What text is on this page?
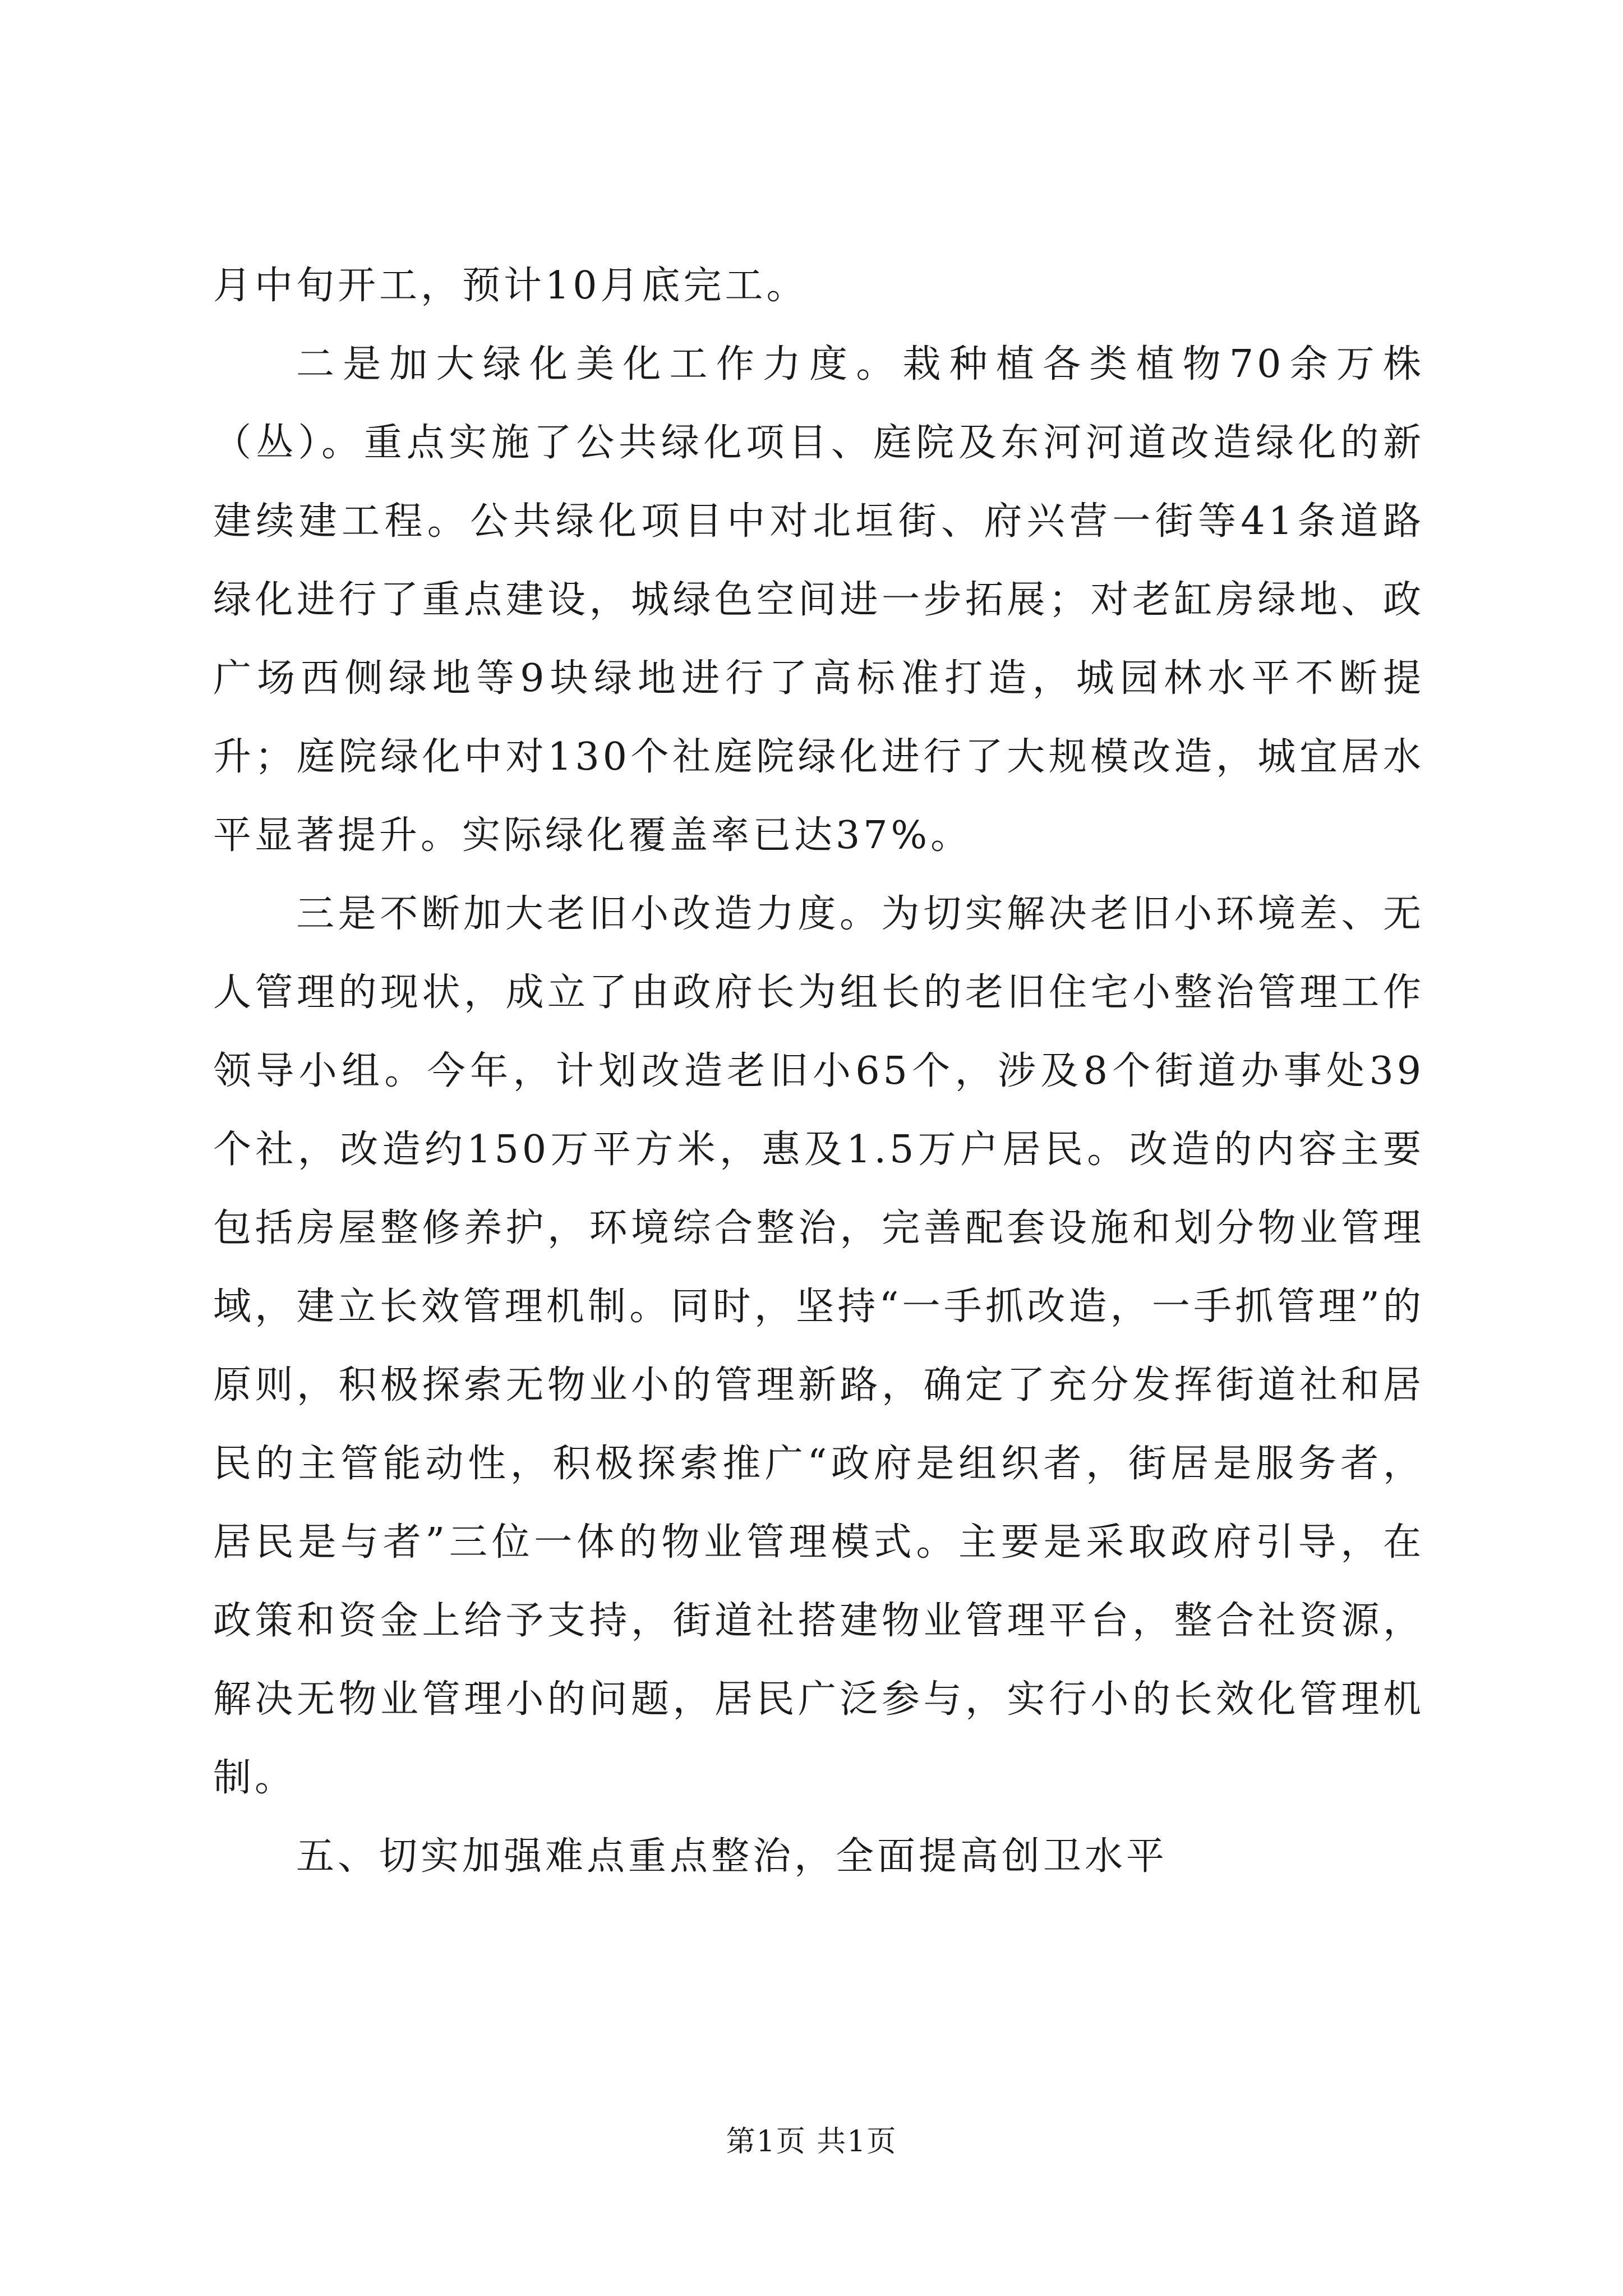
月中旬开工，预计10月底完工。

二是加大绿化美化工作力度。栽种植各类植物70余万株（丛）。重点实施了公共绿化项目、庭院及东河河道改造绿化的新建续建工程。公共绿化项目中对北垣街、府兴营一街等41条道路绿化进行了重点建设，城绿色空间进一步拓展；对老缸房绿地、政广场西侧绿地等9块绿地进行了高标准打造，城园林水平不断提升；庭院绿化中对130个社庭院绿化进行了大规模改造，城宜居水平显著提升。实际绿化覆盖率已达37%。

三是不断加大老旧小改造力度。为切实解决老旧小环境差、无人管理的现状，成立了由政府长为组长的老旧住宅小整治管理工作领导小组。今年，计划改造老旧小65个，涉及8个街道办事处39个社，改造约150万平方米，惠及1.5万户居民。改造的内容主要包括房屋整修养护，环境综合整治，完善配套设施和划分物业管理域，建立长效管理机制。同时，坚持“一手抓改造，一手抓管理”的原则，积极探索无物业小的管理新路，确定了充分发挥街道社和居民的主管能动性，积极探索推广“政府是组织者，街居是服务者，居民是与者”三位一体的物业管理模式。主要是采取政府引导，在政策和资金上给予支持，街道社搭建物业管理平台，整合社资源，解决无物业管理小的问题，居民广泛参与，实行小的长效化管理机制。

五、切实加强难点重点整治，全面提高创卫水平

第1页 共1页
